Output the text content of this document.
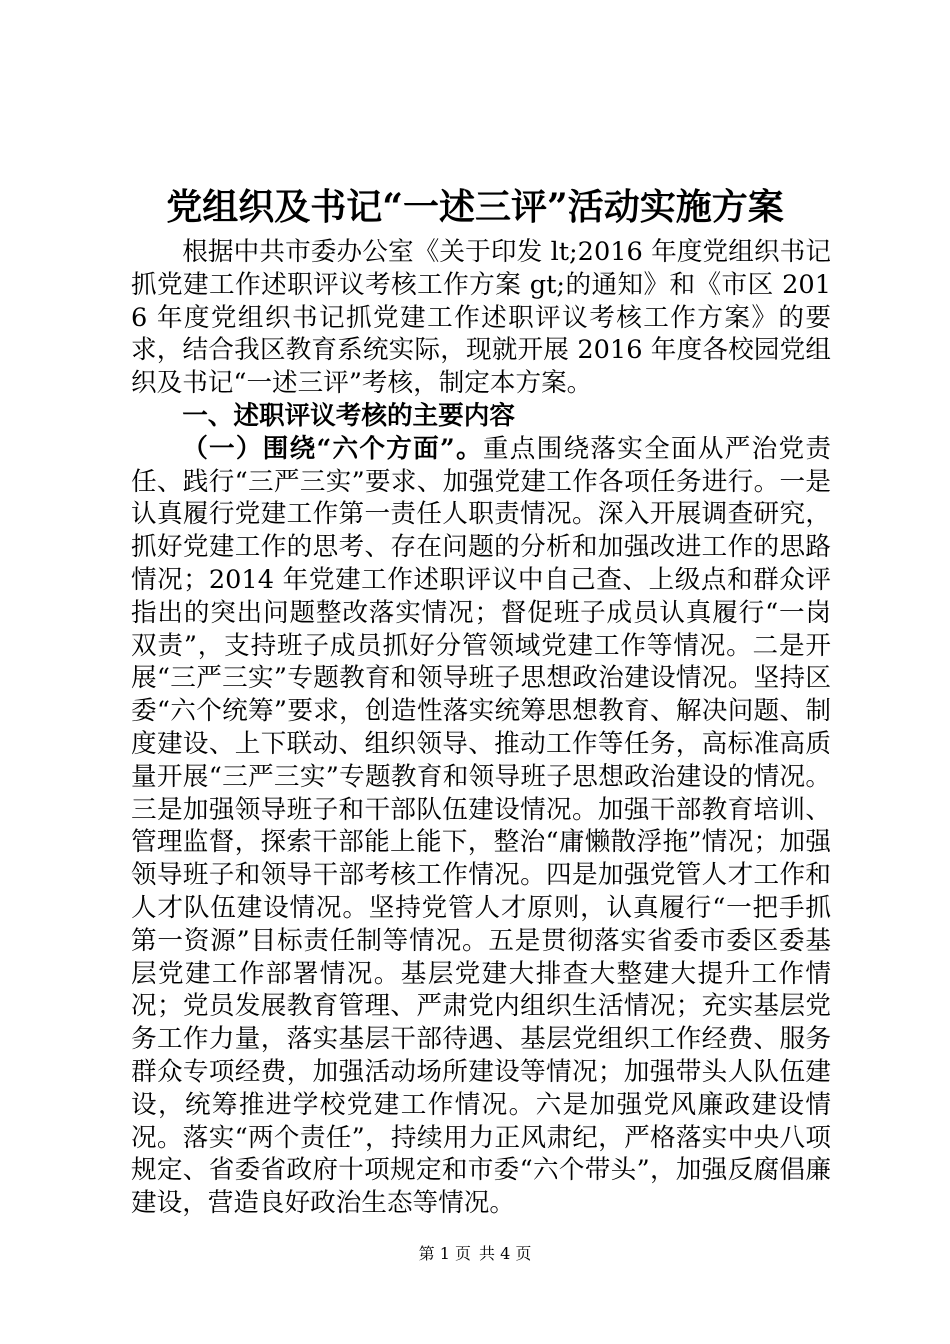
党组织及书记“一述三评”活动实施方案

根据中共市委办公室《关于印发 lt;2016 年度党组织书记抓党建工作述职评议考核工作方案 gt;的通知》和《市区 2016 年度党组织书记抓党建工作述职评议考核工作方案》的要求，结合我区教育系统实际，现就开展 2016 年度各校园党组织及书记“一述三评”考核，制定本方案。

一、述职评议考核的主要内容

（一）围绕“六个方面”。重点围绕落实全面从严治党责任、践行“三严三实”要求、加强党建工作各项任务进行。一是认真履行党建工作第一责任人职责情况。深入开展调查研究，抓好党建工作的思考、存在问题的分析和加强改进工作的思路情况；2014 年党建工作述职评议中自己查、上级点和群众评指出的突出问题整改落实情况；督促班子成员认真履行“一岗双责”，支持班子成员抓好分管领域党建工作等情况。二是开展“三严三实”专题教育和领导班子思想政治建设情况。坚持区委“六个统筹”要求，创造性落实统筹思想教育、解决问题、制度建设、上下联动、组织领导、推动工作等任务，高标准高质量开展“三严三实”专题教育和领导班子思想政治建设的情况。三是加强领导班子和干部队伍建设情况。加强干部教育培训、管理监督，探索干部能上能下，整治“庸懒散浮拖”情况；加强领导班子和领导干部考核工作情况。四是加强党管人才工作和人才队伍建设情况。坚持党管人才原则，认真履行“一把手抓第一资源”目标责任制等情况。五是贯彻落实省委市委区委基层党建工作部署情况。基层党建大排查大整建大提升工作情况；党员发展教育管理、严肃党内组织生活情况；充实基层党务工作力量，落实基层干部待遇、基层党组织工作经费、服务群众专项经费，加强活动场所建设等情况；加强带头人队伍建设，统筹推进学校党建工作情况。六是加强党风廉政建设情况。落实“两个责任”，持续用力正风肃纪，严格落实中央八项规定、省委省政府十项规定和市委“六个带头”，加强反腐倡廉建设，营造良好政治生态等情况。

第 1 页 共 4 页
